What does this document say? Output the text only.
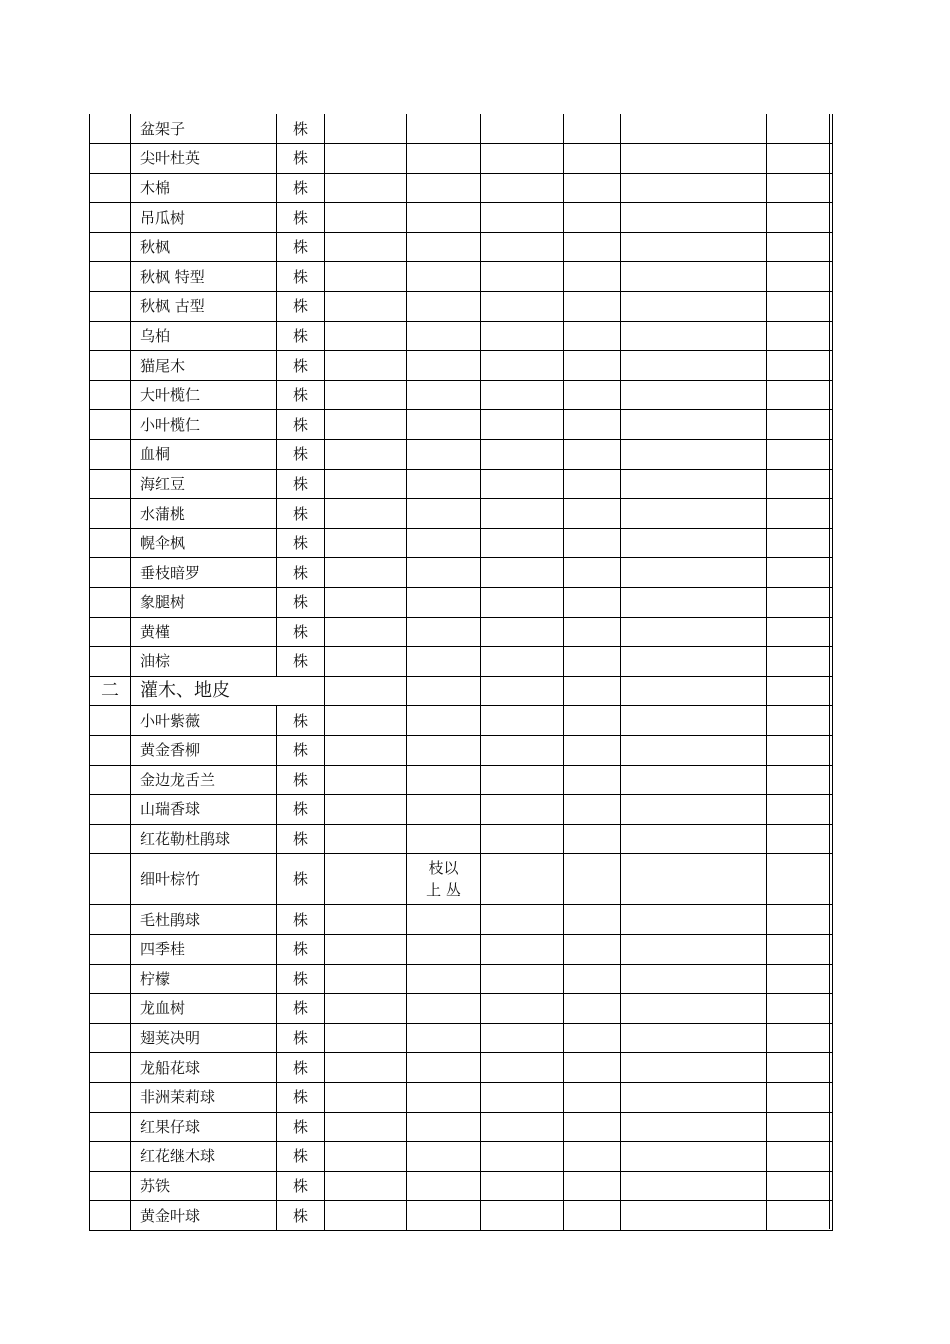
	盆架子	株						
	尖叶杜英	株						
	木棉	株						
	吊瓜树	株						
	秋枫	株						
	秋枫 特型	株						
	秋枫 古型	株						
	乌柏	株						
	猫尾木	株						
	大叶榄仁	株						
	小叶榄仁	株						
	血桐	株						
	海红豆	株						
	水蒲桃	株						
	幌伞枫	株						
	垂枝暗罗	株						
	象腿树	株						
	黄槿	株						
	油棕	株						
二	灌木、地皮							
	小叶紫薇	株						
	黄金香柳	株						
	金边龙舌兰	株						
	山瑞香球	株						
	红花勒杜鹃球	株						
	细叶棕竹	株		枝以
上 丛				

	毛杜鹃球	株						
	四季桂	株						
	柠檬	株						
	龙血树	株						
	翅荚决明	株						
	龙船花球	株						
	非洲茉莉球	株						
	红果仔球	株						
	红花继木球	株						
	苏铁	株						
	黄金叶球	株						
